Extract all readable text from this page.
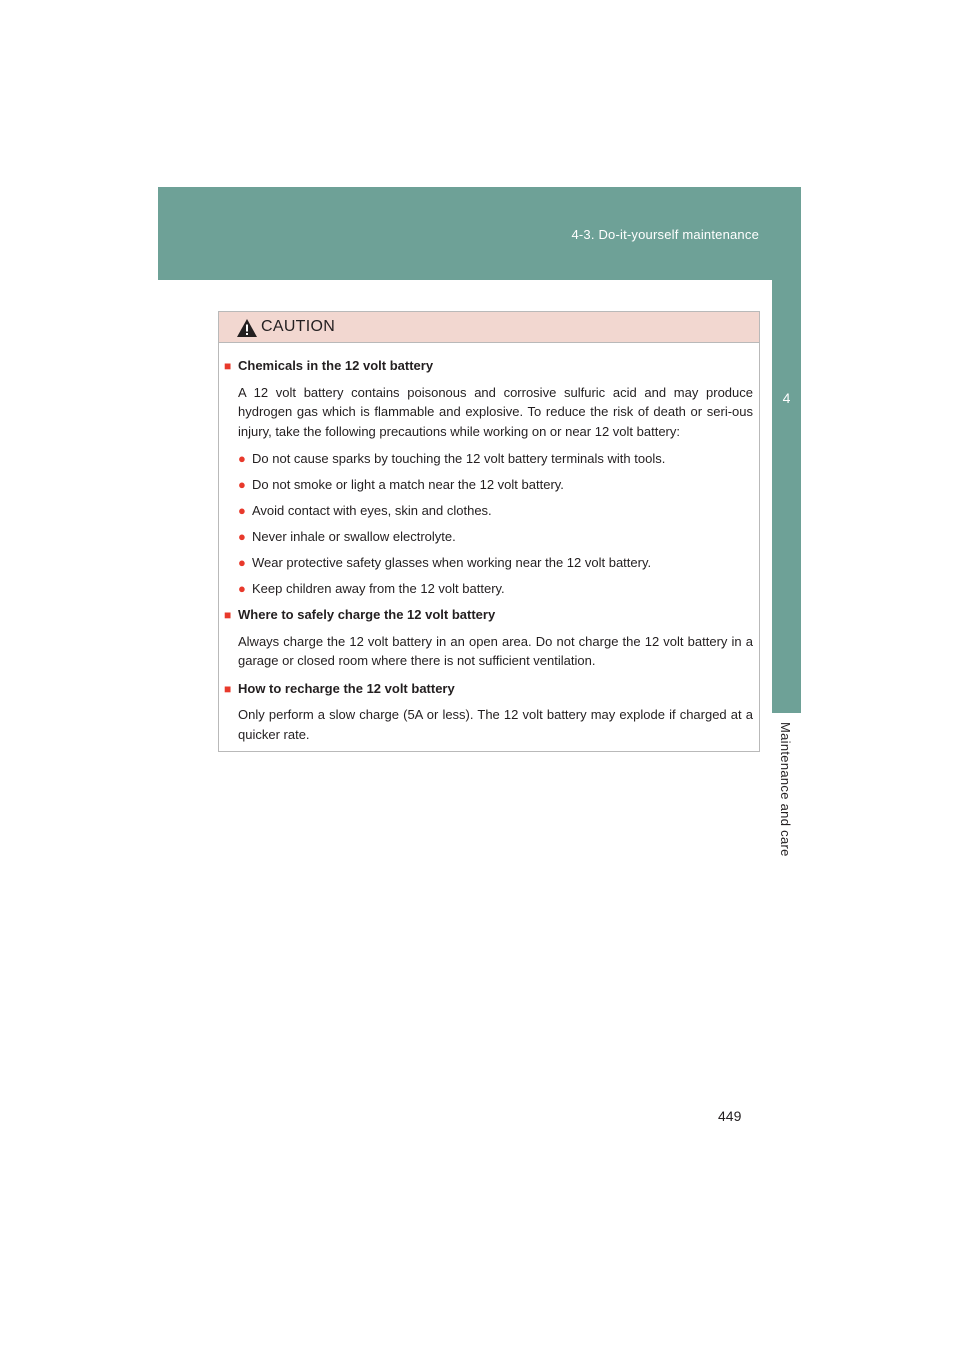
4-3. Do-it-yourself maintenance
4
Maintenance and care
CAUTION
■ Chemicals in the 12 volt battery
A 12 volt battery contains poisonous and corrosive sulfuric acid and may produce hydrogen gas which is flammable and explosive. To reduce the risk of death or seri-ous injury, take the following precautions while working on or near 12 volt battery:
● Do not cause sparks by touching the 12 volt battery terminals with tools.
● Do not smoke or light a match near the 12 volt battery.
● Avoid contact with eyes, skin and clothes.
● Never inhale or swallow electrolyte.
● Wear protective safety glasses when working near the 12 volt battery.
● Keep children away from the 12 volt battery.
■ Where to safely charge the 12 volt battery
Always charge the 12 volt battery in an open area. Do not charge the 12 volt battery in a garage or closed room where there is not sufficient ventilation.
■ How to recharge the 12 volt battery
Only perform a slow charge (5A or less). The 12 volt battery may explode if charged at a quicker rate.
449
